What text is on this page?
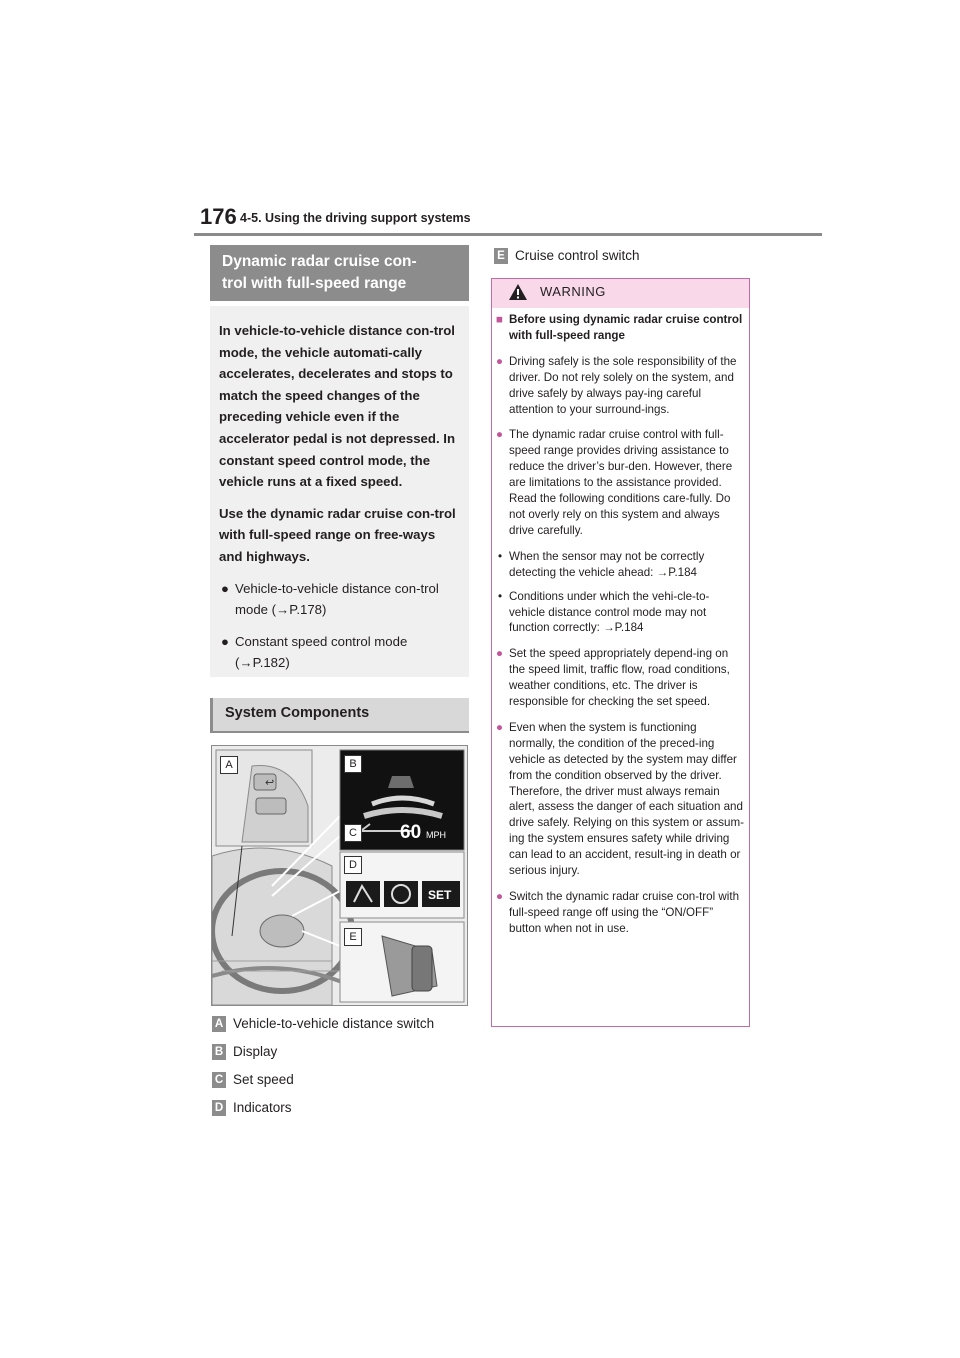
176 4-5. Using the driving support systems
Dynamic radar cruise con-
trol with full-speed range

In vehicle-to-vehicle distance con-trol mode, the vehicle automati-cally accelerates, decelerates and stops to match the speed changes of the preceding vehicle even if the accelerator pedal is not depressed. In constant speed control mode, the vehicle runs at a fixed speed.

Use the dynamic radar cruise con-trol with full-speed range on free-ways and highways.

● Vehicle-to-vehicle distance con-trol mode (→P.178)
● Constant speed control mode (→P.182)
System Components
↩
A	B
C
D
E
60 MPH
SET
A Vehicle-to-vehicle distance switch
B Display
C Set speed
D Indicators
E Cruise control switch
WARNING
■ Before using dynamic radar cruise control with full-speed range
● Driving safely is the sole responsibility of the driver. Do not rely solely on the system, and drive safely by always pay-ing careful attention to your surround-ings.
● The dynamic radar cruise control with full-speed range provides driving assistance to reduce the driver’s bur-den. However, there are limitations to the assistance provided. Read the following conditions care-fully. Do not overly rely on this system and always drive carefully.
• When the sensor may not be correctly detecting the vehicle ahead: →P.184
• Conditions under which the vehi-cle-to-vehicle distance control mode may not function correctly: →P.184
● Set the speed appropriately depend-ing on the speed limit, traffic flow, road conditions, weather conditions, etc. The driver is responsible for checking the set speed.
● Even when the system is functioning normally, the condition of the preced-ing vehicle as detected by the system may differ from the condition observed by the driver. Therefore, the driver must always remain alert, assess the danger of each situation and drive safely. Relying on this system or assum-ing the system ensures safety while driving can lead to an accident, result-ing in death or serious injury.
● Switch the dynamic radar cruise con-trol with full-speed range off using the “ON/OFF” button when not in use.
